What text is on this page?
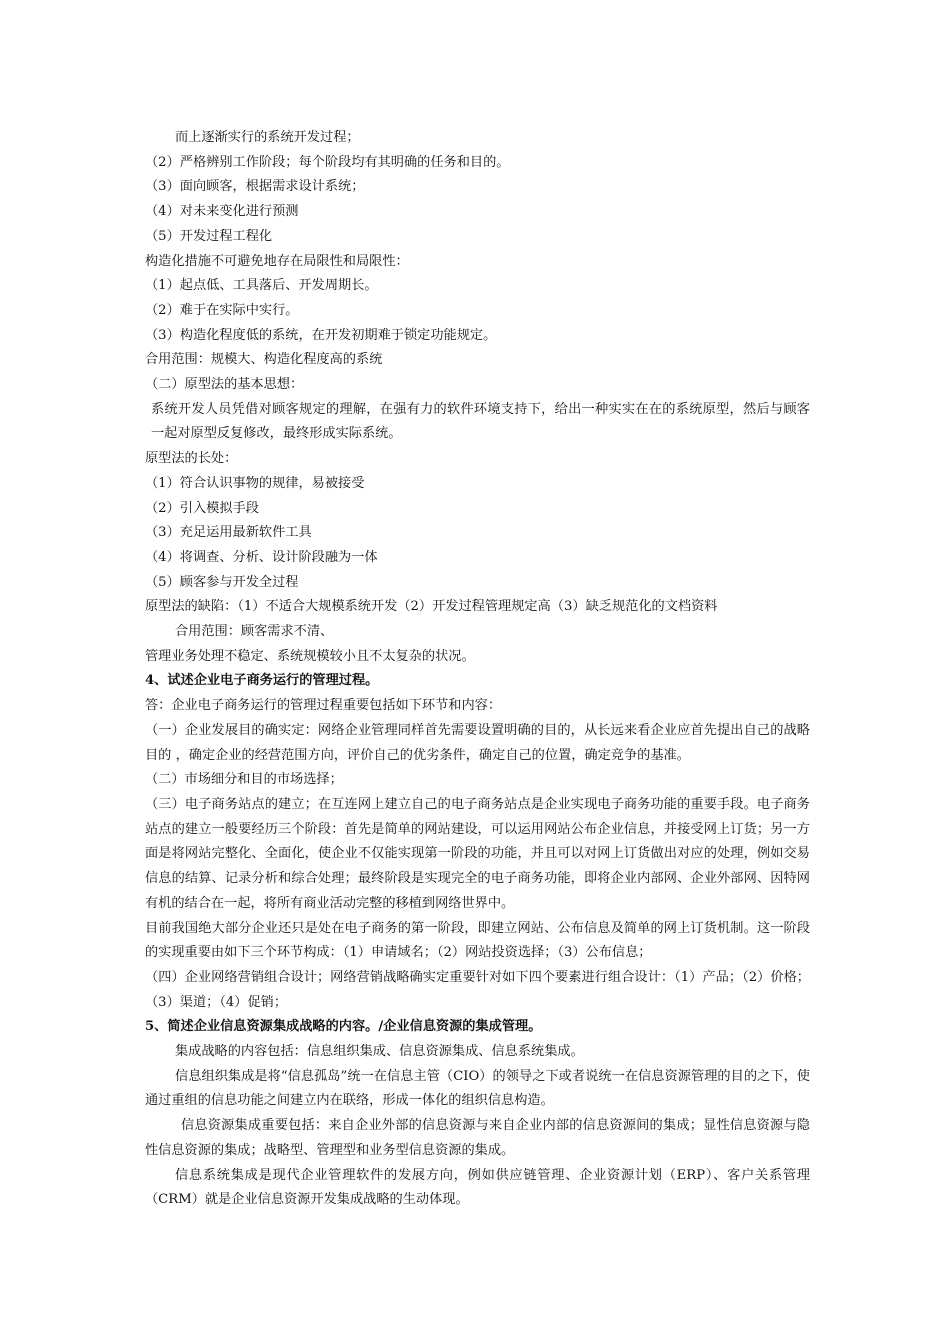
而上逐渐实行的系统开发过程；
（2）严格辨别工作阶段；每个阶段均有其明确的任务和目的。
（3）面向顾客，根据需求设计系统；
（4）对未来变化进行预测
（5）开发过程工程化
构造化措施不可避免地存在局限性和局限性：
（1）起点低、工具落后、开发周期长。
（2）难于在实际中实行。
（3）构造化程度低的系统，在开发初期难于锁定功能规定。
合用范围：规模大、构造化程度高的系统
（二）原型法的基本思想：
系统开发人员凭借对顾客规定的理解，在强有力的软件环境支持下，给出一种实实在在的系统原型，然后与顾客一起对原型反复修改，最终形成实际系统。
原型法的长处：
（1）符合认识事物的规律，易被接受
（2）引入模拟手段
（3）充足运用最新软件工具
（4）将调查、分析、设计阶段融为一体
（5）顾客参与开发全过程
原型法的缺陷：（1）不适合大规模系统开发（2）开发过程管理规定高（3）缺乏规范化的文档资料
合用范围：顾客需求不清、
管理业务处理不稳定、系统规模较小且不太复杂的状况。
4、试述企业电子商务运行的管理过程。
答：企业电子商务运行的管理过程重要包括如下环节和内容：
（一）企业发展目的确实定：网络企业管理同样首先需要设置明确的目的，从长远来看企业应首先提出自己的战略目的 ，确定企业的经营范围方向，评价自己的优劣条件，确定自己的位置，确定竞争的基准。
（二）市场细分和目的市场选择；
（三）电子商务站点的建立；在互连网上建立自己的电子商务站点是企业实现电子商务功能的重要手段。电子商务站点的建立一般要经历三个阶段：首先是简单的网站建设，可以运用网站公布企业信息，并接受网上订货；另一方面是将网站完整化、全面化，使企业不仅能实现第一阶段的功能，并且可以对网上订货做出对应的处理，例如交易信息的结算、记录分析和综合处理；最终阶段是实现完全的电子商务功能，即将企业内部网、企业外部网、因特网有机的结合在一起，将所有商业活动完整的移植到网络世界中。
目前我国绝大部分企业还只是处在电子商务的第一阶段，即建立网站、公布信息及简单的网上订货机制。这一阶段的实现重要由如下三个环节构成：（1）申请域名；（2）网站投资选择；（3）公布信息；
（四）企业网络营销组合设计；网络营销战略确实定重要针对如下四个要素进行组合设计：（1）产品；（2）价格；（3）渠道；（4）促销；
5、简述企业信息资源集成战略的内容。/企业信息资源的集成管理。
集成战略的内容包括：信息组织集成、信息资源集成、信息系统集成。
信息组织集成是将“信息孤岛”统一在信息主管（CIO）的领导之下或者说统一在信息资源管理的目的之下，使通过重组的信息功能之间建立内在联络，形成一体化的组织信息构造。
信息资源集成重要包括：来自企业外部的信息资源与来自企业内部的信息资源间的集成；显性信息资源与隐性信息资源的集成；战略型、管理型和业务型信息资源的集成。
信息系统集成是现代企业管理软件的发展方向，例如供应链管理、企业资源计划（ERP）、客户关系管理（CRM）就是企业信息资源开发集成战略的生动体现。
